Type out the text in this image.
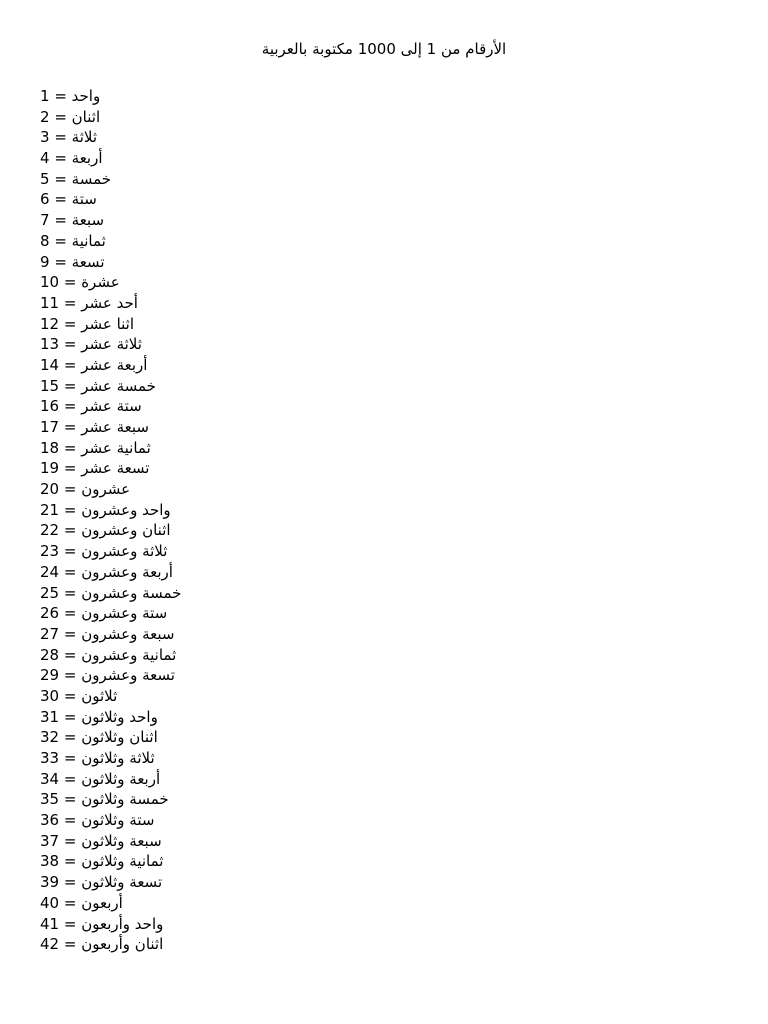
الأرقام من 1 إلى 1000 مكتوبة بالعربية
1 = واحد
2 = اثنان
3 = ثلاثة
4 = أربعة
5 = خمسة
6 = ستة
7 = سبعة
8 = ثمانية
9 = تسعة
10 = عشرة
11 = أحد عشر
12 = اثنا عشر
13 = ثلاثة عشر
14 = أربعة عشر
15 = خمسة عشر
16 = ستة عشر
17 = سبعة عشر
18 = ثمانية عشر
19 = تسعة عشر
20 = عشرون
21 = واحد وعشرون
22 = اثنان وعشرون
23 = ثلاثة وعشرون
24 = أربعة وعشرون
25 = خمسة وعشرون
26 = ستة وعشرون
27 = سبعة وعشرون
28 = ثمانية وعشرون
29 = تسعة وعشرون
30 = ثلاثون
31 = واحد وثلاثون
32 = اثنان وثلاثون
33 = ثلاثة وثلاثون
34 = أربعة وثلاثون
35 = خمسة وثلاثون
36 = ستة وثلاثون
37 = سبعة وثلاثون
38 = ثمانية وثلاثون
39 = تسعة وثلاثون
40 = أربعون
41 = واحد وأربعون
42 = اثنان وأربعون
